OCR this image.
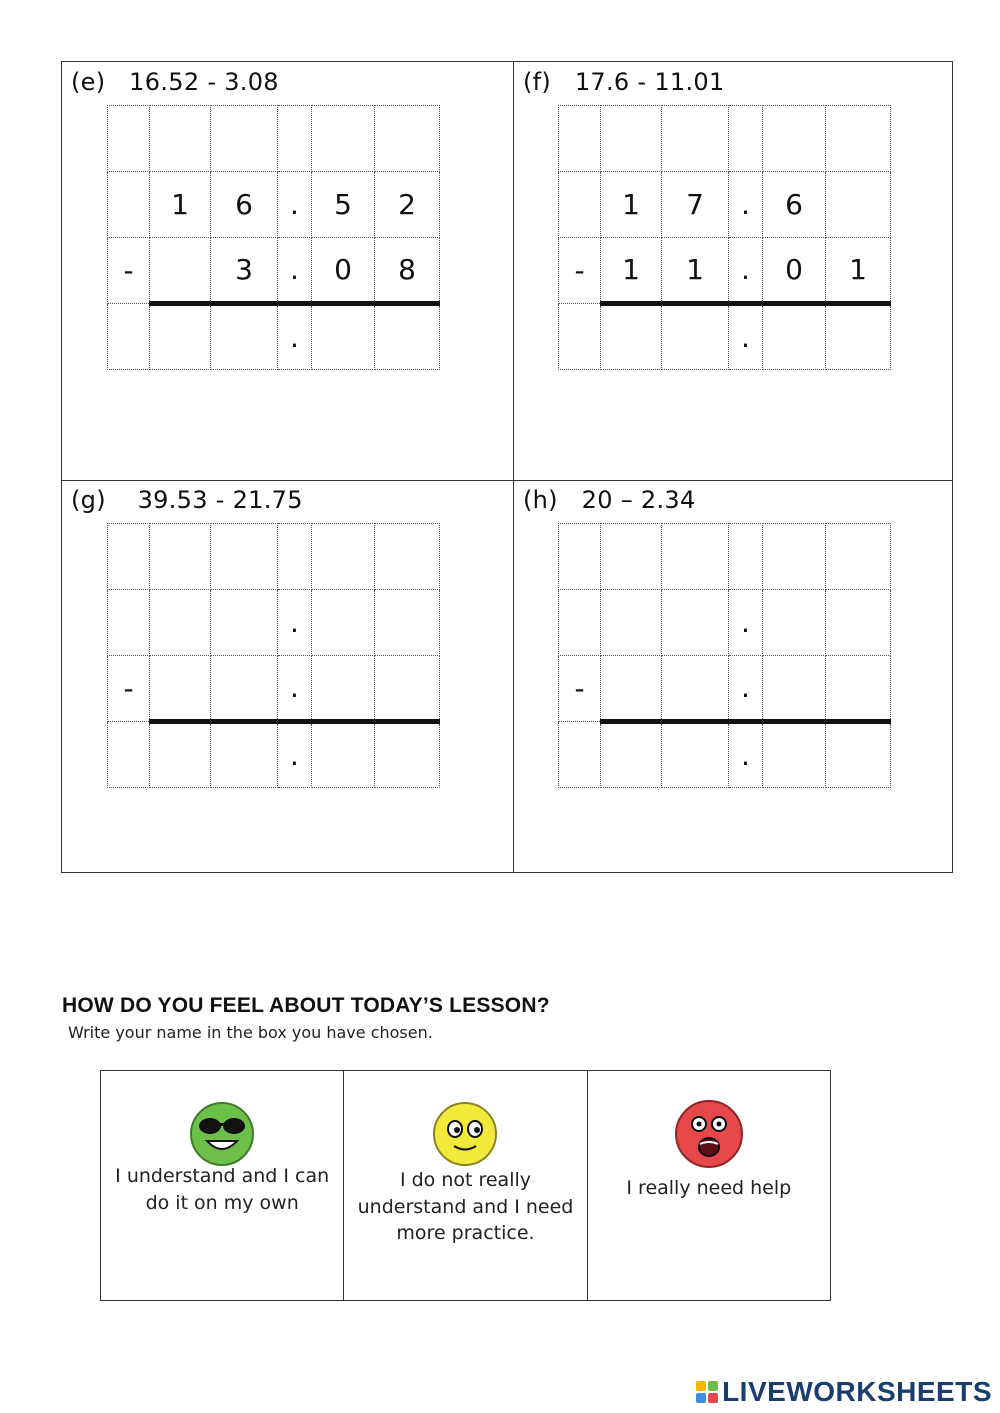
(e)   16.52 - 3.08

	1	6	.	5	2
-		3	.	0	8
			.		
(f)   17.6 - 11.01

	1	7	.	6	
-	1	1	.	0	1
			.		
(g)    39.53 - 21.75

			.		
-			.		
			.		
(h)   20 – 2.34

			.		
-			.		
			.		
HOW DO YOU FEEL ABOUT TODAY’S LESSON?
Write your name in the box you have chosen.
I understand and I can do it on my own
I do not really understand and I need more practice.
I really need help
LIVEWORKSHEETS
